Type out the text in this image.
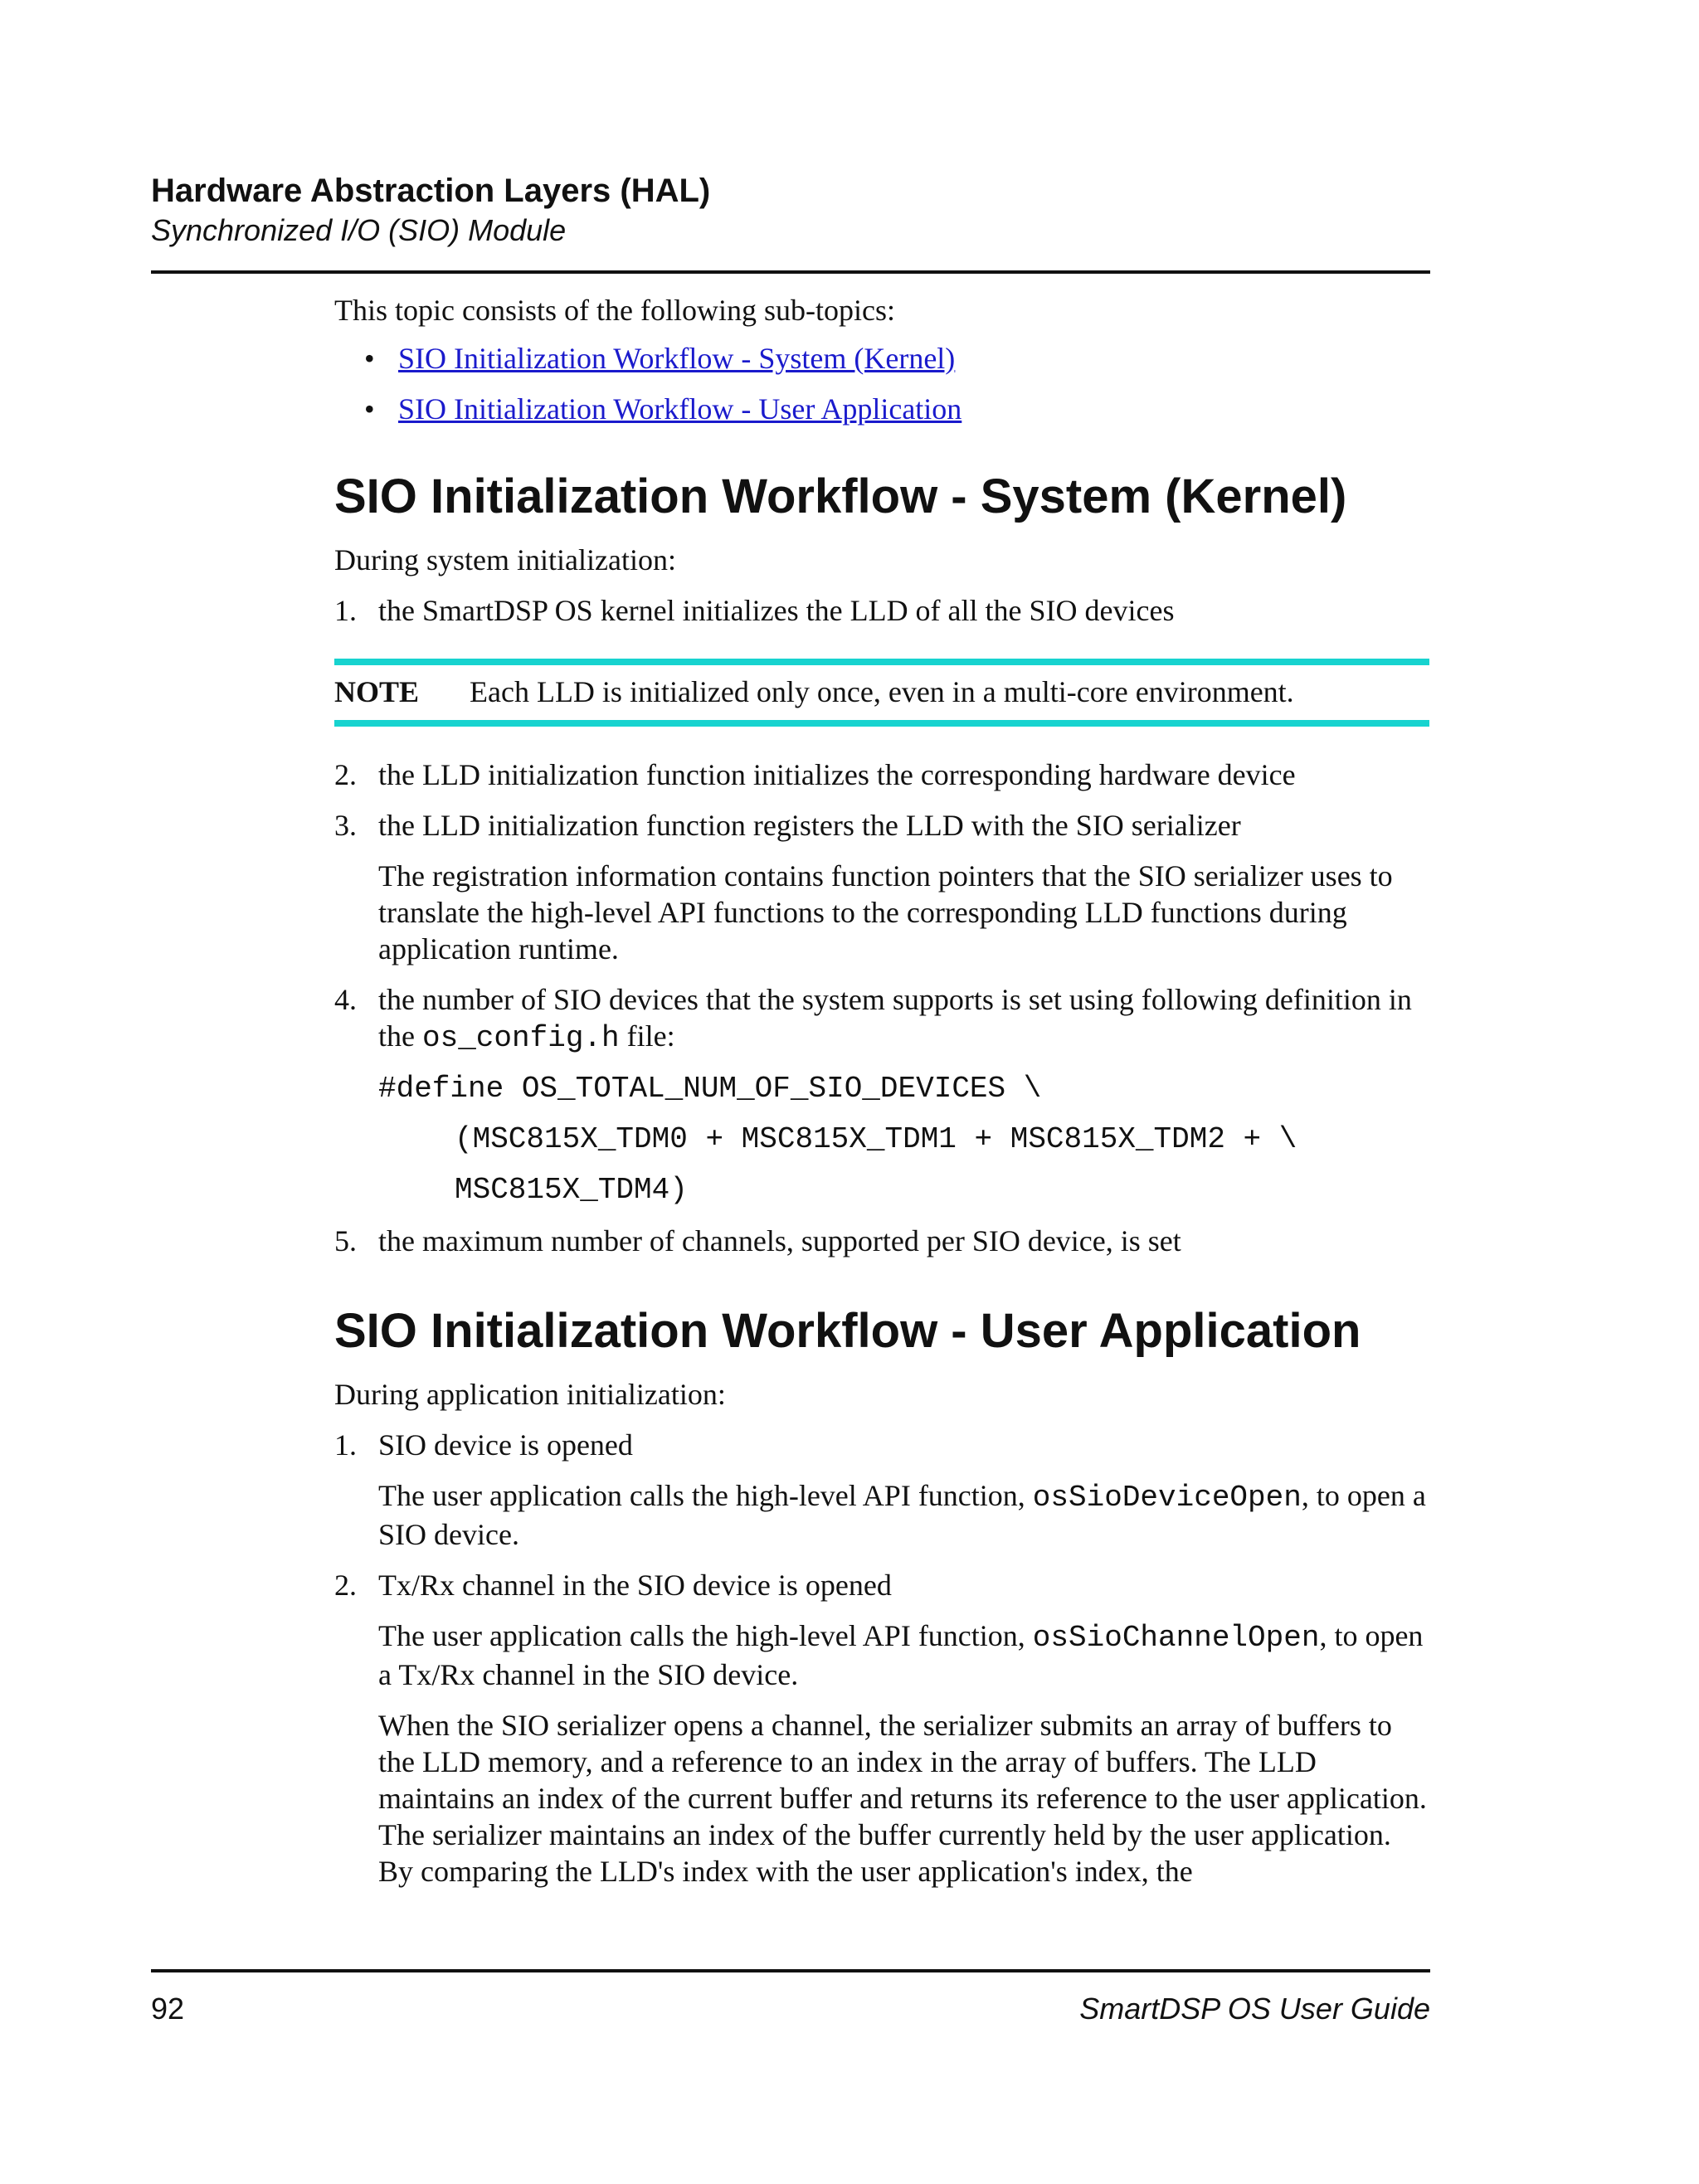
Hardware Abstraction Layers (HAL)
Synchronized I/O (SIO) Module

This topic consists of the following sub-topics:

• SIO Initialization Workflow - System (Kernel)
• SIO Initialization Workflow - User Application
SIO Initialization Workflow - System (Kernel)

During system initialization:

1. the SmartDSP OS kernel initializes the LLD of all the SIO devices
NOTE	Each LLD is initialized only once, even in a multi-core environment.
2. the LLD initialization function initializes the corresponding hardware device
3. the LLD initialization function registers the LLD with the SIO serializer
The registration information contains function pointers that the SIO serializer uses to translate the high-level API functions to the corresponding LLD functions during application runtime.
4. the number of SIO devices that the system supports is set using following definition in the os_config.h file:
#define OS_TOTAL_NUM_OF_SIO_DEVICES \
(MSC815X_TDM0 + MSC815X_TDM1 + MSC815X_TDM2 + \
MSC815X_TDM4)
5. the maximum number of channels, supported per SIO device, is set
SIO Initialization Workflow - User Application

During application initialization:

1. SIO device is opened
The user application calls the high-level API function, osSioDeviceOpen, to open a SIO device.
2. Tx/Rx channel in the SIO device is opened
The user application calls the high-level API function, osSioChannelOpen, to open a Tx/Rx channel in the SIO device.
When the SIO serializer opens a channel, the serializer submits an array of buffers to the LLD memory, and a reference to an index in the array of buffers. The LLD maintains an index of the current buffer and returns its reference to the user application. The serializer maintains an index of the buffer currently held by the user application. By comparing the LLD's index with the user application's index, the
92	SmartDSP OS User Guide
